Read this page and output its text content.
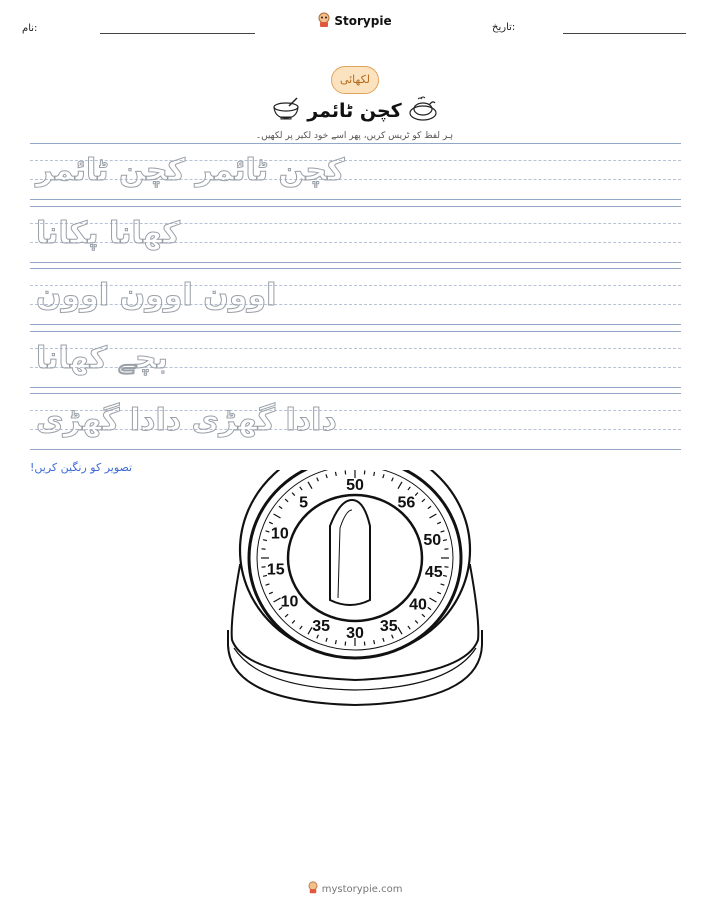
نام:
Storypie	تاریخ:
لکھائی
کچن ٹائمر
ہر لفظ کو ٹریس کریں، پھر اسے خود لکیر پر لکھیں۔
کچن ٹائمر کچن ٹائمر
کھانا پکانا
اوون اوون اوون
بچے کھانا
دادا گھڑی دادا گھڑی
تصویر کو رنگین کریں!
50
56
50
45
40
35
30
35
10
15
10
5
mystorypie.com
